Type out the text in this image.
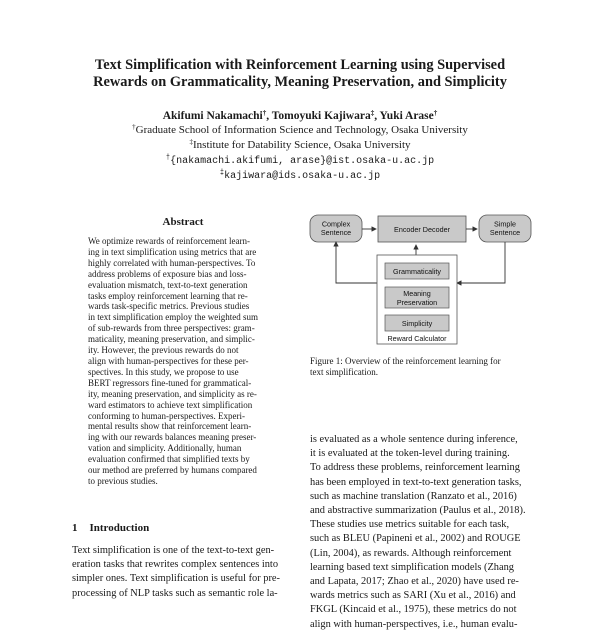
Text Simplification with Reinforcement Learning using Supervised
Rewards on Grammaticality, Meaning Preservation, and Simplicity
Akifumi Nakamachi†, Tomoyuki Kajiwara‡, Yuki Arase†
†Graduate School of Information Science and Technology, Osaka University
‡Institute for Datability Science, Osaka University
†{nakamachi.akifumi, arase}@ist.osaka-u.ac.jp
‡kajiwara@ids.osaka-u.ac.jp
Abstract
We optimize rewards of reinforcement learn-
ing in text simplification using metrics that are
highly correlated with human-perspectives. To
address problems of exposure bias and loss-
evaluation mismatch, text-to-text generation
tasks employ reinforcement learning that re-
wards task-specific metrics. Previous studies
in text simplification employ the weighted sum
of sub-rewards from three perspectives: gram-
maticality, meaning preservation, and simplic-
ity. However, the previous rewards do not
align with human-perspectives for these per-
spectives. In this study, we propose to use
BERT regressors fine-tuned for grammatical-
ity, meaning preservation, and simplicity as re-
ward estimators to achieve text simplification
conforming to human-perspectives. Experi-
mental results show that reinforcement learn-
ing with our rewards balances meaning preser-
vation and simplicity. Additionally, human
evaluation confirmed that simplified texts by
our method are preferred by humans compared
to previous studies.
1 Introduction
Text simplification is one of the text-to-text gen-
eration tasks that rewrites complex sentences into
simpler ones. Text simplification is useful for pre-
processing of NLP tasks such as semantic role la-
Complex
Sentence	Encoder Decoder
Simple
Sentence
Grammaticality
Meaning
Preservation
Simplicity
Reward Calculator
Figure 1: Overview of the reinforcement learning for
text simplification.
is evaluated as a whole sentence during inference,
it is evaluated at the token-level during training.
To address these problems, reinforcement learning
has been employed in text-to-text generation tasks,
such as machine translation (Ranzato et al., 2016)
and abstractive summarization (Paulus et al., 2018).
These studies use metrics suitable for each task,
such as BLEU (Papineni et al., 2002) and ROUGE
(Lin, 2004), as rewards. Although reinforcement
learning based text simplification models (Zhang
and Lapata, 2017; Zhao et al., 2020) have used re-
wards metrics such as SARI (Xu et al., 2016) and
FKGL (Kincaid et al., 1975), these metrics do not
align with human-perspectives, i.e., human evalu-
